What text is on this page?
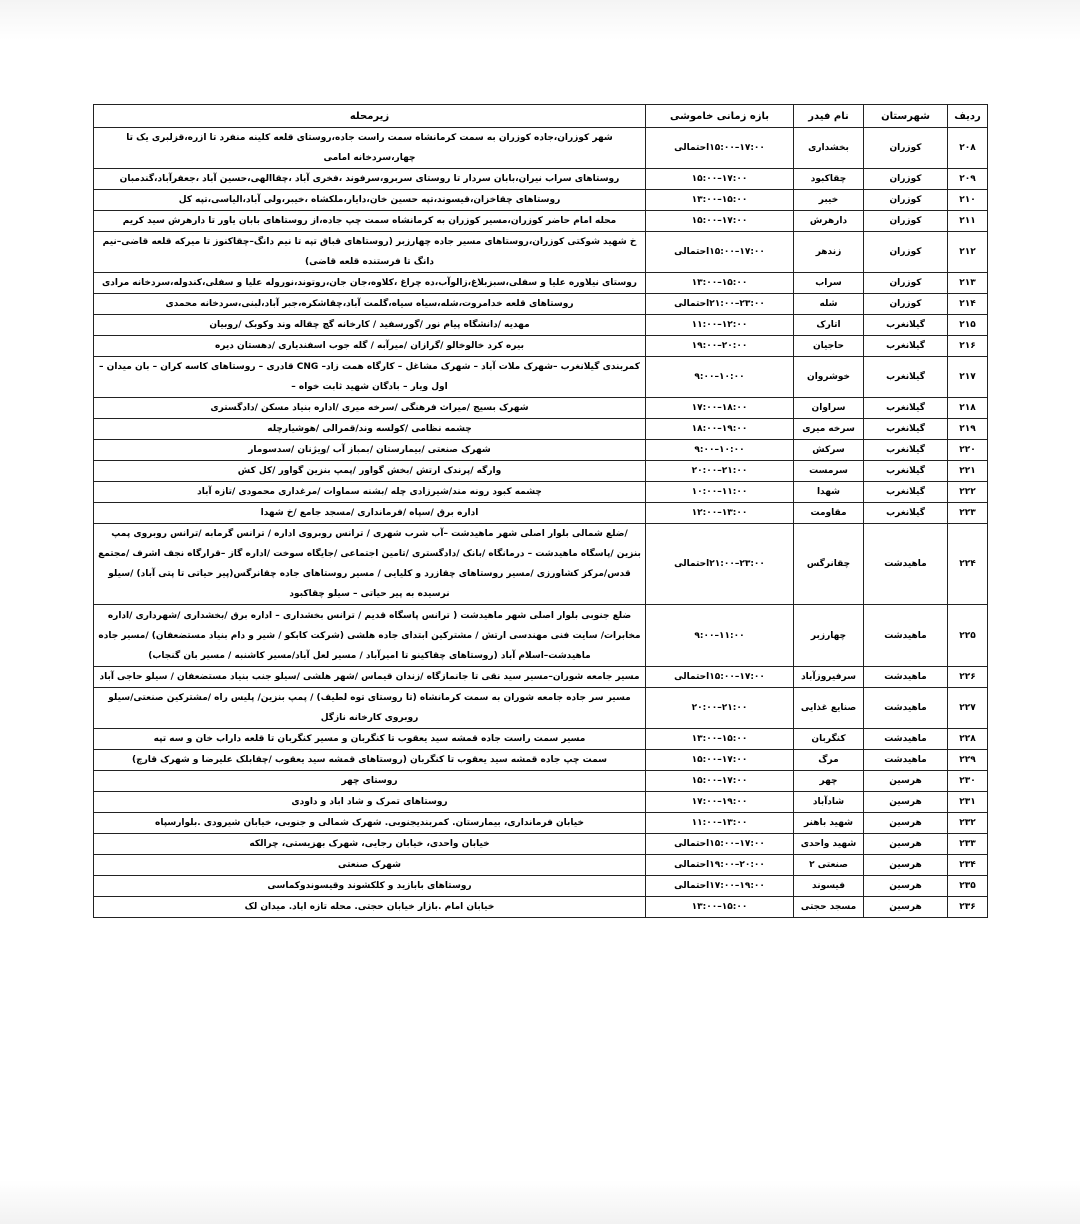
ردیف	شهرستان	نام فیدر	بازه زمانی خاموشی	زیرمحله
۲۰۸	کوزران	بخشداری	۱۷:۰۰–۱۵:۰۰احتمالی	شهر کوزران،جاده کوزران به سمت کرمانشاه سمت راست جاده،روستای قلعه کلینه منفرد تا ازره،قزلبری یک تا چهار،سردخانه امامی
۲۰۹	کوزران	چقاکبود	۱۷:۰۰–۱۵:۰۰	روستاهای سراب نیران،بابان سردار تا روستای سربرو،سرفوند ،فخری آباد ،چقاالهی،حسین آباد ،جعفرآباد،گندمبان
۲۱۰	کوزران	خیبر	۱۵:۰۰–۱۳:۰۰	روستاهای چقاخزان،قیسوند،تپه حسین خان،دایار،ملکشاه ،خیبر،ولی آباد،الیاسی،تپه کل
۲۱۱	کوزران	دارهرش	۱۷:۰۰–۱۵:۰۰	محله امام حاضر کوزران،مسیر کوزران به کرمانشاه سمت چپ جاده،از روستاهای بابان یاور تا دارهرش سید کریم
۲۱۲	کوزران	زندهر	۱۷:۰۰–۱۵:۰۰احتمالی	خ شهید شوکتی کوزران،روستاهای مسیر جاده چهارزبر (روستاهای قباق تپه تا نیم دانگ–چقاکنوز تا میرکه قلعه قاضی–نیم دانگ تا فرستنده قلعه قاضی)
۲۱۳	کوزران	سراب	۱۵:۰۰–۱۳:۰۰	روستای نیلاوره علیا و سفلی،سبزبلاغ،زالوآب،ده چراغ ،کلاوه،جان جان،روتوند،نوروله علیا و سفلی،کندوله،سردخانه مرادی
۲۱۴	کوزران	شله	۲۳:۰۰–۲۱:۰۰احتمالی	روستاهای قلعه خدامروت،شله،سیاه سیاه،گلمت آباد،چقاشکره،جبر آباد،لبنی،سردخانه محمدی
۲۱۵	گیلانغرب	اتارک	۱۲:۰۰–۱۱:۰۰	مهدیه /دانشگاه پیام نور /گورسفید / کارخانه گچ چقاله وند وکوبک /روبیان
۲۱۶	گیلانغرب	حاجیان	۲۰:۰۰–۱۹:۰۰	بیره کرد خالوخالو /گرازان /میرآبه / گله جوب اسفندیاری /دهستان دیره
۲۱۷	گیلانغرب	خوشروان	۱۰:۰۰–۹:۰۰	کمربندی گیلانغرب –شهرک ملات آباد – شهرک مشاغل – کارگاه همت زاد– CNG قادری – روستاهای کاسه کران – بان میدان – اول ویار – بادگان شهید ثابت خواه –
۲۱۸	گیلانغرب	سراوان	۱۸:۰۰–۱۷:۰۰	شهرک بسیج /میراث فرهنگی /سرخه میری /اداره بنیاد مسکن /دادگستری
۲۱۹	گیلانغرب	سرخه میری	۱۹:۰۰–۱۸:۰۰	چشمه نظامی /کولسه وند/قمرالی /هوشیارچله
۲۲۰	گیلانغرب	سرکش	۱۰:۰۰–۹:۰۰	شهرک صنعتی /بیمارستان /بمباز آب /ویژنان /سدسومار
۲۲۱	گیلانغرب	سرمست	۲۱:۰۰–۲۰:۰۰	وارگه /پرندک ارتش /بخش گواور /پمپ بنزین گواور /کل کش
۲۲۲	گیلانغرب	شهدا	۱۱:۰۰–۱۰:۰۰	چشمه کبود رونه مند/شیرزادی چله /بشنه سماوات /مرغداری محمودی /تازه آباد
۲۲۳	گیلانغرب	مقاومت	۱۳:۰۰–۱۲:۰۰	اداره برق /سپاه /فرمانداری /مسجد جامع /خ شهدا
۲۲۴	ماهیدشت	چقانرگس	۲۳:۰۰–۲۱:۰۰احتمالی	/ضلع شمالی بلوار اصلی شهر ماهیدشت –آب شرب شهری / ترانس روبروی اداره / ترانس گرمابه /ترانس روبروی پمپ بنزین /پاسگاه ماهیدشت – درمانگاه /بانک /دادگستری /تامین اجتماعی /جایگاه سوخت /اداره گاز –قرارگاه نجف اشرف /مجتمع قدس/مرکز کشاورزی /مسیر روستاهای چقازرد و کلیایی / مسیر روستاهای جاده چقانرگس(پیر حیاتی تا پتی آباد) /سیلو نرسیده به پیر حیاتی – سیلو چقاکبود
۲۲۵	ماهیدشت	چهارزبر	۱۱:۰۰–۹:۰۰	ضلع جنوبی بلوار اصلی شهر ماهیدشت ( ترانس پاسگاه قدیم / ترانس بخشداری – اداره برق /بخشداری /شهرداری /اداره مخابرات/ سایت فنی مهندسی ارتش / مشترکین ابتدای جاده هلشی (شرکت کابکو / شیر و دام بنیاد مستضعفان) /مسیر جاده ماهیدشت–اسلام آباد (روستاهای چقاکینو تا امیرآباد / مسیر لعل آباد/مسیر کاشنبه / مسیر بان گنجاب)
۲۲۶	ماهیدشت	سرفیروزآباد	۱۷:۰۰–۱۵:۰۰احتمالی	مسیر جامعه شوران–مسیر سید نقی تا جانمازگاه /زندان قیماس /شهر هلشی /سیلو جنب بنیاد مستضعفان / سیلو حاجی آباد
۲۲۷	ماهیدشت	صنایع غذایی	۲۱:۰۰–۲۰:۰۰	مسیر سر جاده جامعه شوران به سمت کرمانشاه (تا روستای توه لطیف) / پمپ بنزین/ پلیس راه /مشترکین صنعتی/سیلو روبروی کارخانه نازگل
۲۲۸	ماهیدشت	کنگربان	۱۵:۰۰–۱۳:۰۰	مسیر سمت راست جاده قمشه سید یعقوب تا کنگربان و مسیر کنگربان تا قلعه داراب خان و سه تپه
۲۲۹	ماهیدشت	مرگ	۱۷:۰۰–۱۵:۰۰	سمت چپ جاده قمشه سید یعقوب تا کنگربان (روستاهای قمشه سید یعقوب /چقابلک علیرضا و شهرک قارچ)
۲۳۰	هرسین	چهر	۱۷:۰۰–۱۵:۰۰	روستای چهر
۲۳۱	هرسین	شادآباد	۱۹:۰۰–۱۷:۰۰	روستاهای تمرک و شاد اباد و داودی
۲۳۲	هرسین	شهید باهنر	۱۳:۰۰–۱۱:۰۰	خیابان فرمانداری، بیمارستان. کمربندیجنوبی. شهرک شمالی و جنوبی، خیابان شیرودی .بلوارسپاه
۲۳۳	هرسین	شهید واحدی	۱۷:۰۰–۱۵:۰۰احتمالی	خیابان واحدی، خیابان رجایی، شهرک بهزیستی، چرالکه
۲۳۴	هرسین	صنعتی ۲	۲۰:۰۰–۱۹:۰۰احتمالی	شهرک صنعتی
۲۳۵	هرسین	فیسوند	۱۹:۰۰–۱۷:۰۰احتمالی	روستاهای بابازید و کلکشوند وقیسوندوکماسی
۲۳۶	هرسین	مسجد حجتی	۱۵:۰۰–۱۳:۰۰	خیابان امام .بازار خیابان حجتی. محله تازه اباد. میدان لک
